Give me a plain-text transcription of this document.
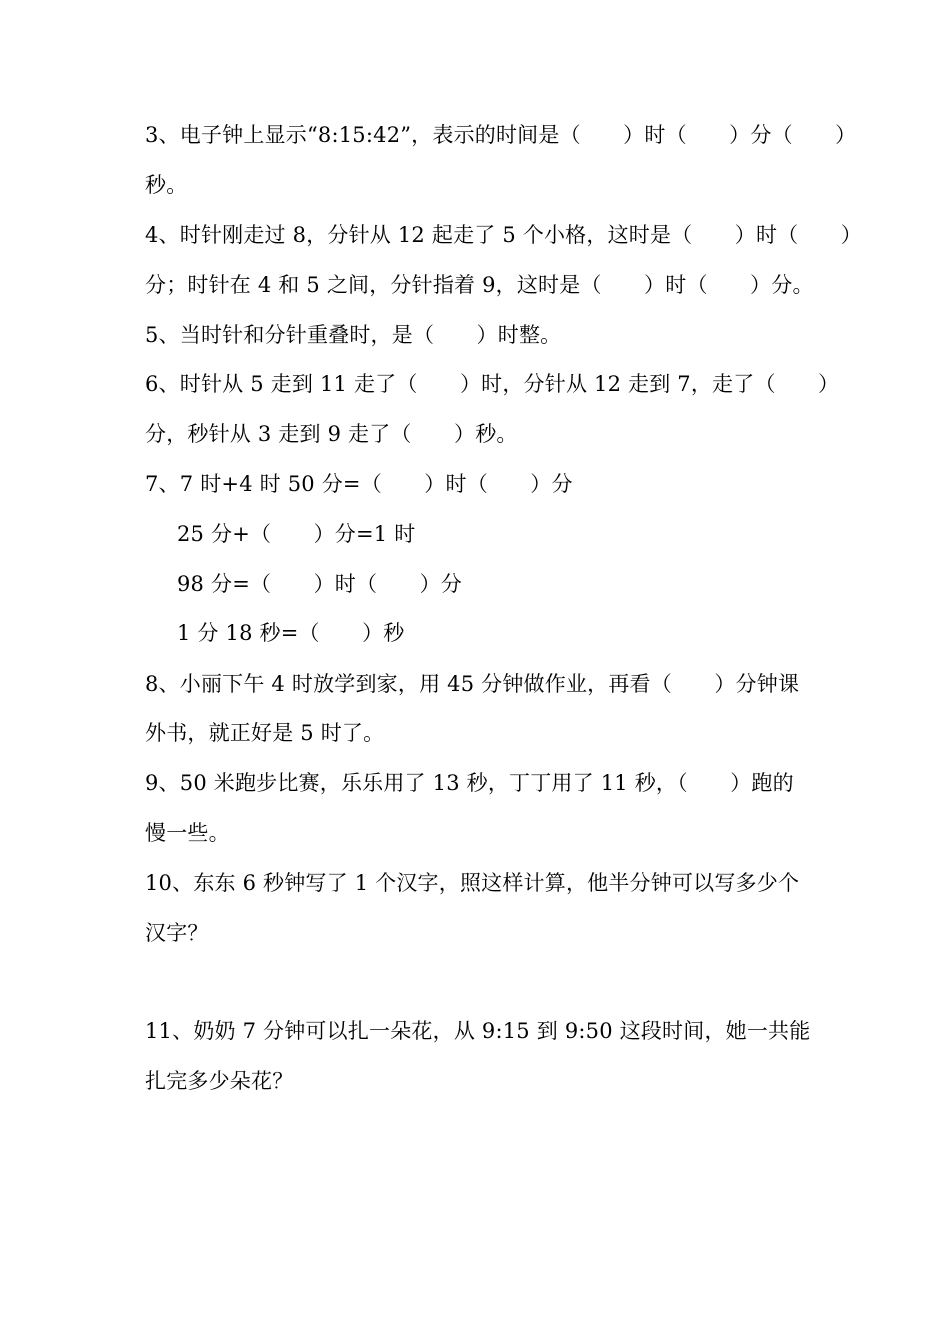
3、电子钟上显示“8:15:42”，表示的时间是（　　）时（　　）分（　　）
秒。
4、时针刚走过 8，分针从 12 起走了 5 个小格，这时是（　　）时（　　）
分；时针在 4 和 5 之间，分针指着 9，这时是（　　）时（　　）分。
5、当时针和分针重叠时，是（　　）时整。
6、时针从 5 走到 11 走了（　　）时，分针从 12 走到 7，走了（　　）
分，秒针从 3 走到 9 走了（　　）秒。
7、7 时+4 时 50 分=（　　）时（　　）分
25 分+（　　）分=1 时
98 分=（　　）时（　　）分
1 分 18 秒=（　　）秒
8、小丽下午 4 时放学到家，用 45 分钟做作业，再看（　　）分钟课
外书，就正好是 5 时了。
9、50 米跑步比赛，乐乐用了 13 秒，丁丁用了 11 秒，（　　）跑的
慢一些。
10、东东 6 秒钟写了 1 个汉字，照这样计算，他半分钟可以写多少个
汉字？
11、奶奶 7 分钟可以扎一朵花，从 9:15 到 9:50 这段时间，她一共能
扎完多少朵花？
